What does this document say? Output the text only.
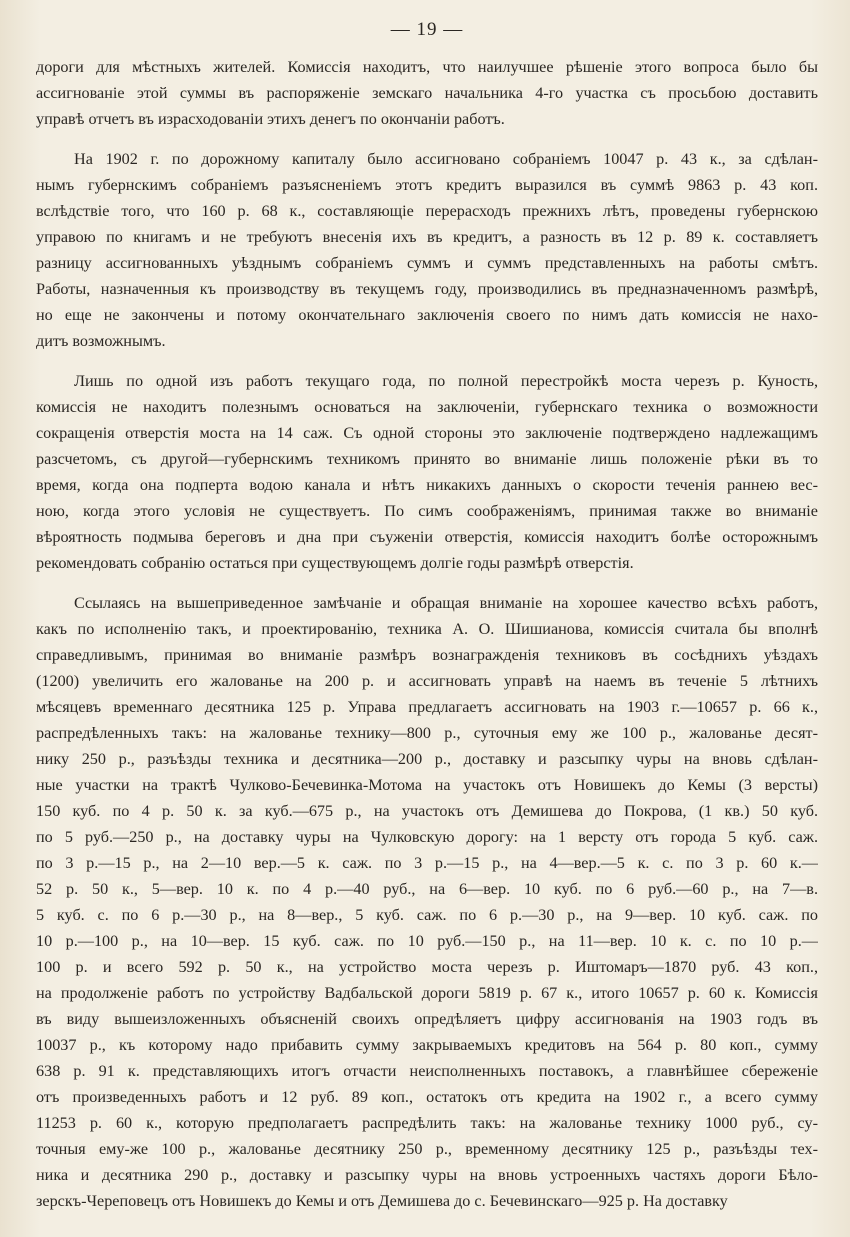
— 19 —
дороги для мѣстныхъ жителей. Комиссія находитъ, что наилучшее рѣшеніе этого вопроса было бы
ассигнованіе этой суммы въ распоряженіе земскаго начальника 4-го участка съ просьбою доставить
управѣ отчетъ въ израсходованіи этихъ денегъ по окончаніи работъ.
На 1902 г. по дорожному капиталу было ассигновано собраніемъ 10047 р. 43 к., за сдѣлан-
нымъ губернскимъ собраніемъ разъясненіемъ этотъ кредитъ выразился въ суммѣ 9863 р. 43 коп.
вслѣдствіе того, что 160 р. 68 к., составляющіе перерасходъ прежнихъ лѣтъ, проведены губернскою
управою по книгамъ и не требуютъ внесенія ихъ въ кредитъ, а разность въ 12 р. 89 к. составляетъ
разницу ассигнованныхъ уѣзднымъ собраніемъ суммъ и суммъ представленныхъ на работы смѣтъ.
Работы, назначенныя къ производству въ текущемъ году, производились въ предназначенномъ размѣрѣ,
но еще не закончены и потому окончательнаго заключенія своего по нимъ дать комиссія не нахо-
дитъ возможнымъ.
Лишь по одной изъ работъ текущаго года, по полной перестройкѣ моста черезъ р. Куность,
комиссія не находитъ полезнымъ основаться на заключеніи, губернскаго техника о возможности
сокращенія отверстія моста на 14 саж. Съ одной стороны это заключеніе подтверждено надлежащимъ
разсчетомъ, съ другой—губернскимъ техникомъ принято во вниманіе лишь положеніе рѣки въ то
время, когда она подперта водою канала и нѣтъ никакихъ данныхъ о скорости теченія раннею вес-
ною, когда этого условія не существуетъ. По симъ соображеніямъ, принимая также во вниманіе
вѣроятность подмыва береговъ и дна при съуженіи отверстія, комиссія находитъ болѣе осторожнымъ
рекомендовать собранію остаться при существующемъ долгіе годы размѣрѣ отверстія.
Ссылаясь на вышеприведенное замѣчаніе и обращая вниманіе на хорошее качество всѣхъ работъ,
какъ по исполненію такъ, и проектированію, техника А. О. Шишианова, комиссія считала бы вполнѣ
справедливымъ, принимая во вниманіе размѣръ вознагражденія техниковъ въ сосѣднихъ уѣздахъ
(1200) увеличить его жалованье на 200 р. и ассигновать управѣ на наемъ въ теченіе 5 лѣтнихъ
мѣсяцевъ временнаго десятника 125 р. Управа предлагаетъ ассигновать на 1903 г.—10657 р. 66 к.,
распредѣленныхъ такъ: на жалованье технику—800 р., суточныя ему же 100 р., жалованье десят-
нику 250 р., разъѣзды техника и десятника—200 р., доставку и разсыпку чуры на вновь сдѣлан-
ные участки на трактѣ Чулково-Бечевинка-Мотома на участокъ отъ Новишекъ до Кемы (3 версты)
150 куб. по 4 р. 50 к. за куб.—675 р., на участокъ отъ Демишева до Покрова, (1 кв.) 50 куб.
по 5 руб.—250 р., на доставку чуры на Чулковскую дорогу: на 1 версту отъ города 5 куб. саж.
по 3 р.—15 р., на 2—10 вер.—5 к. саж. по 3 р.—15 р., на 4—вер.—5 к. с. по 3 р. 60 к.—
52 р. 50 к., 5—вер. 10 к. по 4 р.—40 руб., на 6—вер. 10 куб. по 6 руб.—60 р., на 7—в.
5 куб. с. по 6 р.—30 р., на 8—вер., 5 куб. саж. по 6 р.—30 р., на 9—вер. 10 куб. саж. по
10 р.—100 р., на 10—вер. 15 куб. саж. по 10 руб.—150 р., на 11—вер. 10 к. с. по 10 р.—
100 р. и всего 592 р. 50 к., на устройство моста черезъ р. Иштомаръ—1870 руб. 43 коп.,
на продолженіе работъ по устройству Вадбальской дороги 5819 р. 67 к., итого 10657 р. 60 к. Комиссія
въ виду вышеизложенныхъ объясненій своихъ опредѣляетъ цифру ассигнованія на 1903 годъ въ
10037 р., къ которому надо прибавить сумму закрываемыхъ кредитовъ на 564 р. 80 коп., сумму
638 р. 91 к. представляющихъ итогъ отчасти неисполненныхъ поставокъ, а главнѣйшее сбереженіе
отъ произведенныхъ работъ и 12 руб. 89 коп., остатокъ отъ кредита на 1902 г., а всего сумму
11253 р. 60 к., которую предполагаетъ распредѣлить такъ: на жалованье технику 1000 руб., су-
точныя ему-же 100 р., жалованье десятнику 250 р., временному десятнику 125 р., разъѣзды тех-
ника и десятника 290 р., доставку и разсыпку чуры на вновь устроенныхъ частяхъ дороги Бѣло-
зерскъ-Череповецъ отъ Новишекъ до Кемы и отъ Демишева до с. Бечевинскаго—925 р. На доставку
